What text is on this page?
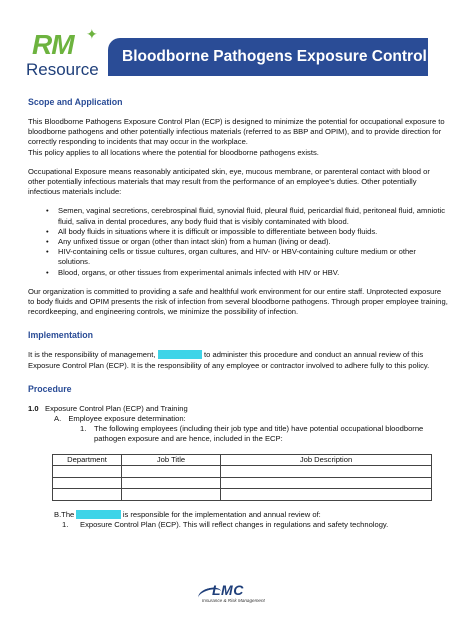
RM ✦
Resource
Bloodborne Pathogens Exposure Control Plan
Scope and Application

This Bloodborne Pathogens Exposure Control Plan (ECP) is designed to minimize the potential for occupational exposure to bloodborne pathogens and other potentially infectious materials (referred to as BBP and OPIM), and to provide direction for correctly responding to incidents that may occur in the workplace.

This policy applies to all locations where the potential for bloodborne pathogens exists.

Occupational Exposure means reasonably anticipated skin, eye, mucous membrane, or parenteral contact with blood or other potentially infectious materials that may result from the performance of an employee's duties. Other potentially infectious materials include:

• Semen, vaginal secretions, cerebrospinal fluid, synovial fluid, pleural fluid, pericardial fluid, peritoneal fluid, amniotic fluid, saliva in dental procedures, any body fluid that is visibly contaminated with blood.
• All body fluids in situations where it is difficult or impossible to differentiate between body fluids.
• Any unfixed tissue or organ (other than intact skin) from a human (living or dead).
• HIV-containing cells or tissue cultures, organ cultures, and HIV- or HBV-containing culture medium or other solutions.
• Blood, organs, or other tissues from experimental animals infected with HIV or HBV.

Our organization is committed to providing a safe and healthful work environment for our entire staff. Unprotected exposure to body fluids and OPIM presents the risk of infection from several bloodborne pathogens. Through proper employee training, recordkeeping, and engineering controls, we minimize the possibility of infection.

Implementation

It is the responsibility of management, [title position] to administer this procedure and conduct an annual review of this Exposure Control Plan (ECP). It is the responsibility of any employee or contractor involved to adhere fully to this policy.

Procedure
1.0 Exposure Control Plan (ECP) and Training
A. Employee exposure determination:
1.	The following employees (including their job type and title) have potential occupational bloodborne pathogen exposure and are hence, included in the ECP:
Department	Job Title	Job Description

B.The [title position] is responsible for the implementation and annual review of:
1.	Exposure Control Plan (ECP). This will reflect changes in regulations and safety technology.
LMC
Insurance & Risk Management
